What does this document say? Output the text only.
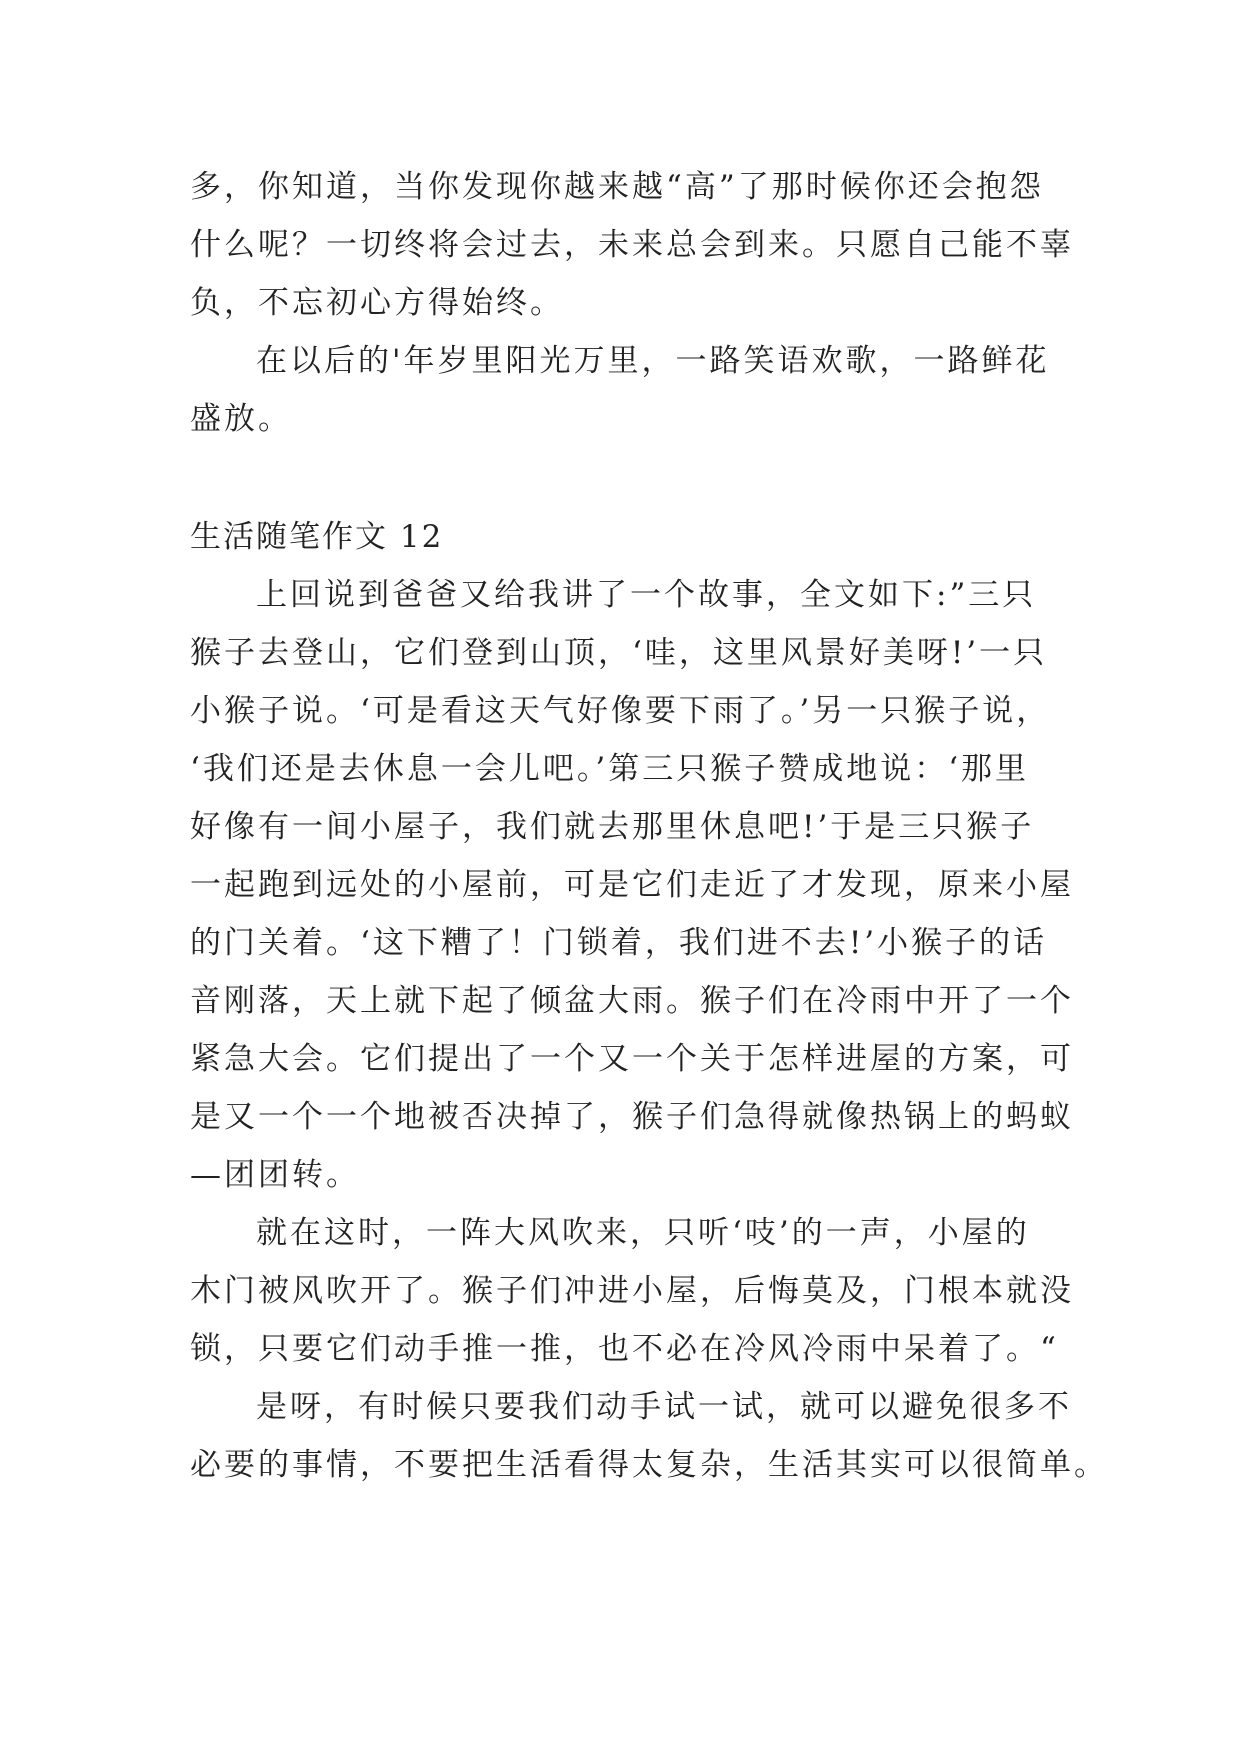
多，你知道，当你发现你越来越“高”了那时候你还会抱怨
什么呢？一切终将会过去，未来总会到来。只愿自己能不辜
负，不忘初心方得始终。
在以后的'年岁里阳光万里，一路笑语欢歌，一路鲜花
盛放。
生活随笔作文 12
上回说到爸爸又给我讲了一个故事，全文如下:”三只
猴子去登山，它们登到山顶，‘哇，这里风景好美呀!’一只
小猴子说。‘可是看这天气好像要下雨了。’另一只猴子说，
‘我们还是去休息一会儿吧。’第三只猴子赞成地说：‘那里
好像有一间小屋子，我们就去那里休息吧!’于是三只猴子
一起跑到远处的小屋前，可是它们走近了才发现，原来小屋
的门关着。‘这下糟了！门锁着，我们进不去!’小猴子的话
音刚落，天上就下起了倾盆大雨。猴子们在冷雨中开了一个
紧急大会。它们提出了一个又一个关于怎样进屋的方案，可
是又一个一个地被否决掉了，猴子们急得就像热锅上的蚂蚁
—团团转。
就在这时，一阵大风吹来，只听‘吱’的一声，小屋的
木门被风吹开了。猴子们冲进小屋，后悔莫及，门根本就没
锁，只要它们动手推一推，也不必在冷风冷雨中呆着了。“
是呀，有时候只要我们动手试一试，就可以避免很多不
必要的事情，不要把生活看得太复杂，生活其实可以很简单。
